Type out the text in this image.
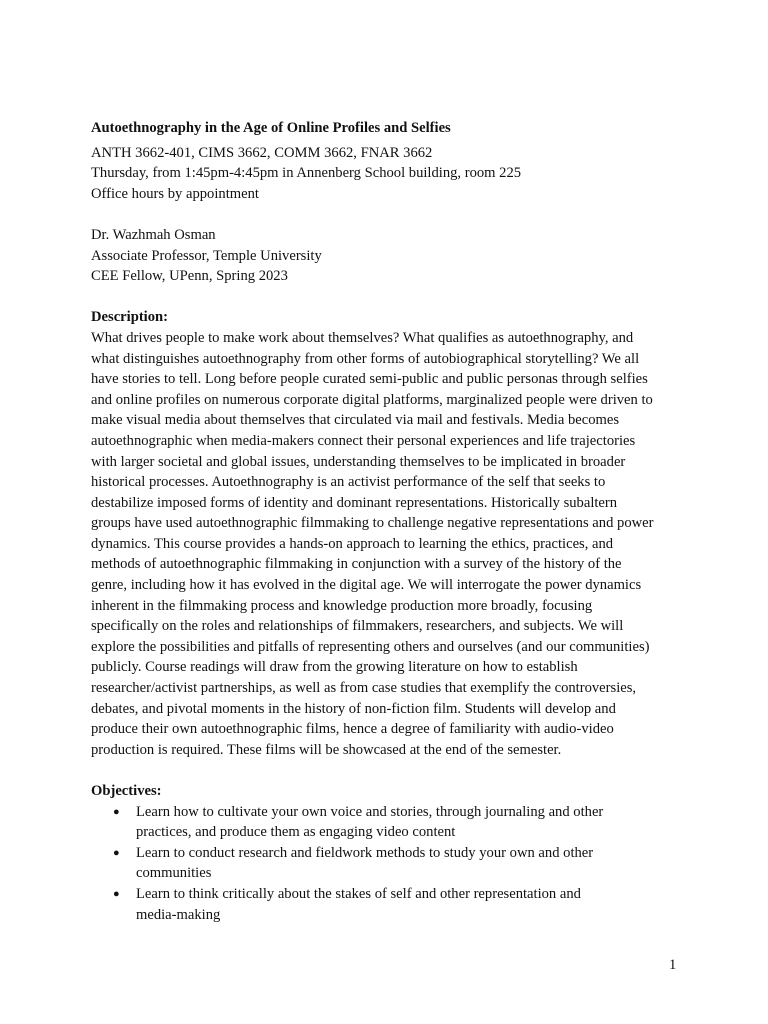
Autoethnography in the Age of Online Profiles and Selfies
ANTH 3662-401, CIMS 3662, COMM 3662, FNAR 3662
Thursday, from 1:45pm-4:45pm in Annenberg School building, room 225
Office hours by appointment
Dr. Wazhmah Osman
Associate Professor, Temple University
CEE Fellow, UPenn, Spring 2023
Description:
What drives people to make work about themselves? What qualifies as autoethnography, and
what distinguishes autoethnography from other forms of autobiographical storytelling? We all
have stories to tell. Long before people curated semi-public and public personas through selfies
and online profiles on numerous corporate digital platforms, marginalized people were driven to
make visual media about themselves that circulated via mail and festivals. Media becomes
autoethnographic when media-makers connect their personal experiences and life trajectories
with larger societal and global issues, understanding themselves to be implicated in broader
historical processes. Autoethnography is an activist performance of the self that seeks to
destabilize imposed forms of identity and dominant representations. Historically subaltern
groups have used autoethnographic filmmaking to challenge negative representations and power
dynamics. This course provides a hands-on approach to learning the ethics, practices, and
methods of autoethnographic filmmaking in conjunction with a survey of the history of the
genre, including how it has evolved in the digital age. We will interrogate the power dynamics
inherent in the filmmaking process and knowledge production more broadly, focusing
specifically on the roles and relationships of filmmakers, researchers, and subjects. We will
explore the possibilities and pitfalls of representing others and ourselves (and our communities)
publicly. Course readings will draw from the growing literature on how to establish
researcher/activist partnerships, as well as from case studies that exemplify the controversies,
debates, and pivotal moments in the history of non-fiction film. Students will develop and
produce their own autoethnographic films, hence a degree of familiarity with audio-video
production is required. These films will be showcased at the end of the semester.
Objectives:
● Learn how to cultivate your own voice and stories, through journaling and other
practices, and produce them as engaging video content
● Learn to conduct research and fieldwork methods to study your own and other
communities
● Learn to think critically about the stakes of self and other representation and
media-making
1
